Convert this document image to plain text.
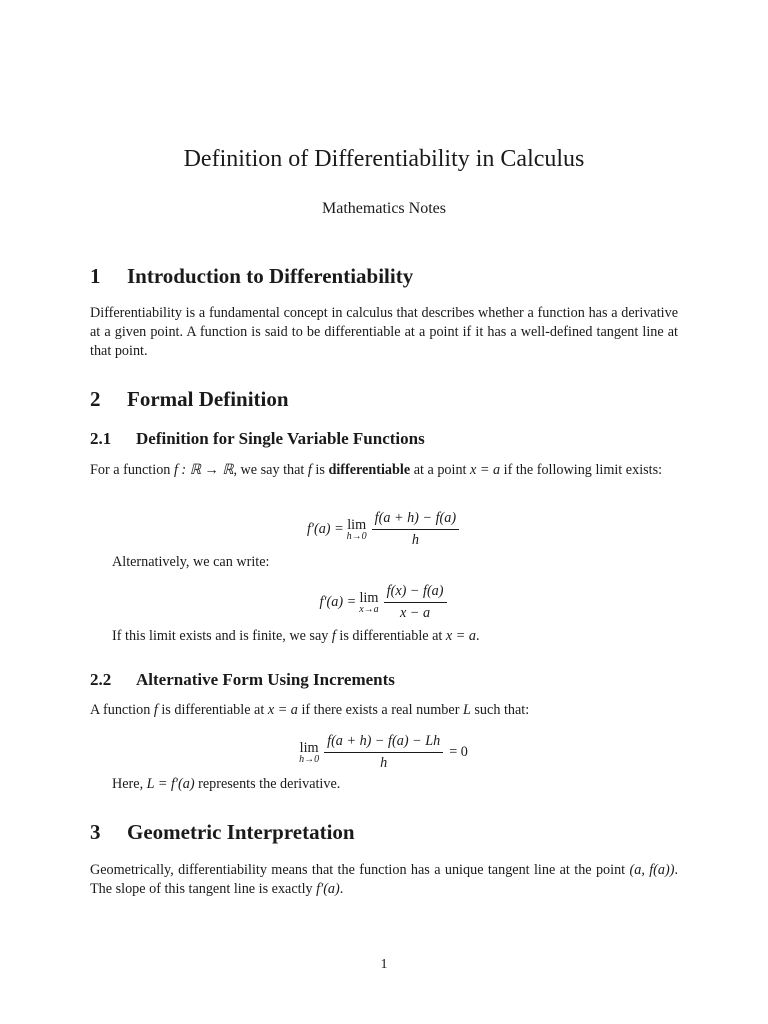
Definition of Differentiability in Calculus
Mathematics Notes
1 Introduction to Differentiability

Differentiability is a fundamental concept in calculus that describes whether a function has a derivative at a given point. A function is said to be differentiable at a point if it has a well-defined tangent line at that point.

2 Formal Definition
2.1 Definition for Single Variable Functions

For a function f : ℝ → ℝ, we say that f is differentiable at a point x = a if the following limit exists:

f′(a) = lim
$h\to 0 \frac{f(a + h) - f(a)}{h}$

Alternatively, we can write:

f′(a) = lim
$x\to a \frac{f(x) - f(a)}{x - a}$

If this limit exists and is finite, we say f is differentiable at x = a.

2.2 Alternative Form Using Increments

A function f is differentiable at x = a if there exists a real number L such that:

lim
$h\to 0 \frac{f(a + h) - f(a) - Lh}{h} = 0$

Here, L = f′(a) represents the derivative.

3 Geometric Interpretation

Geometrically, differentiability means that the function has a unique tangent line at the point (a, f(a)). The slope of this tangent line is exactly f′(a).

1
